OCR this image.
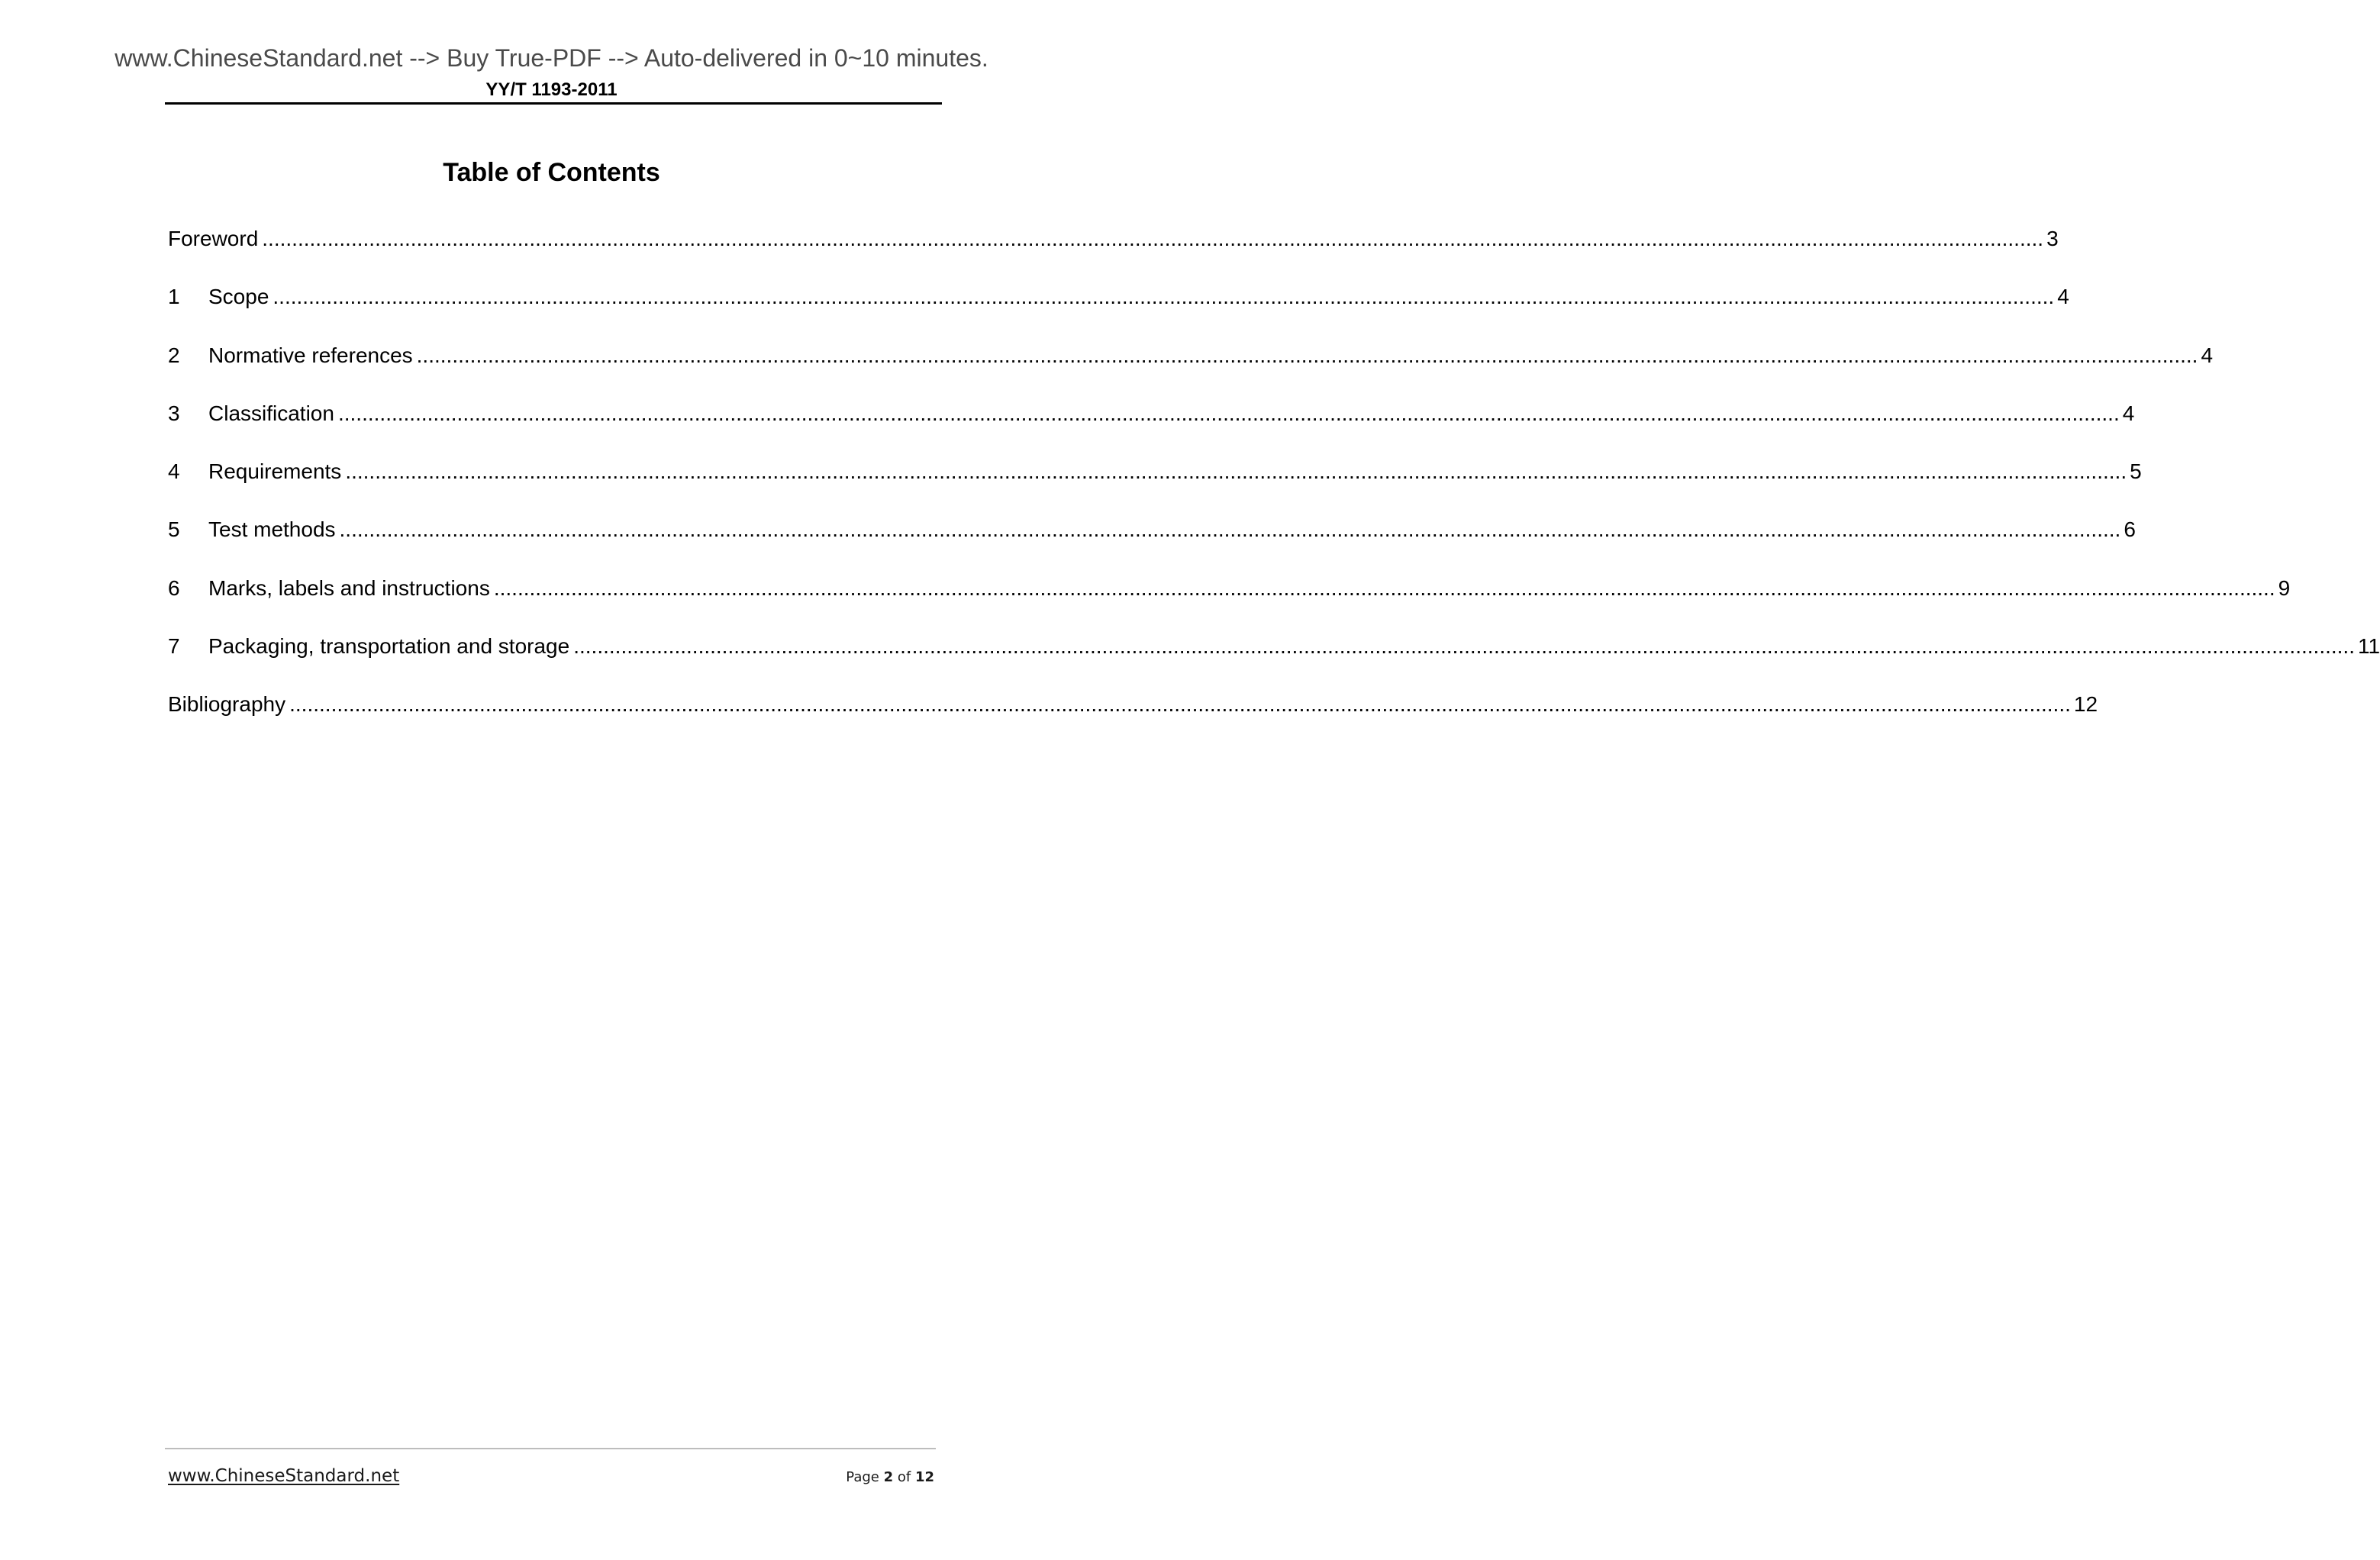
www.ChineseStandard.net --> Buy True-PDF --> Auto-delivered in 0~10 minutes.
YY/T 1193-2011
Table of Contents
Foreword ............................................................................................................................................................................................................................................................................................................ 3
1	Scope ............................................................................................................................................................................................................................................................................................................ 4
2	Normative references ............................................................................................................................................................................................................................................................................................................ 4
3	Classification ............................................................................................................................................................................................................................................................................................................ 4
4	Requirements ............................................................................................................................................................................................................................................................................................................ 5
5	Test methods ............................................................................................................................................................................................................................................................................................................ 6
6	Marks, labels and instructions ............................................................................................................................................................................................................................................................................................................ 9
7	Packaging, transportation and storage ............................................................................................................................................................................................................................................................................................................ 11
Bibliography ............................................................................................................................................................................................................................................................................................................ 12
www.ChineseStandard.net	Page 2 of 12
